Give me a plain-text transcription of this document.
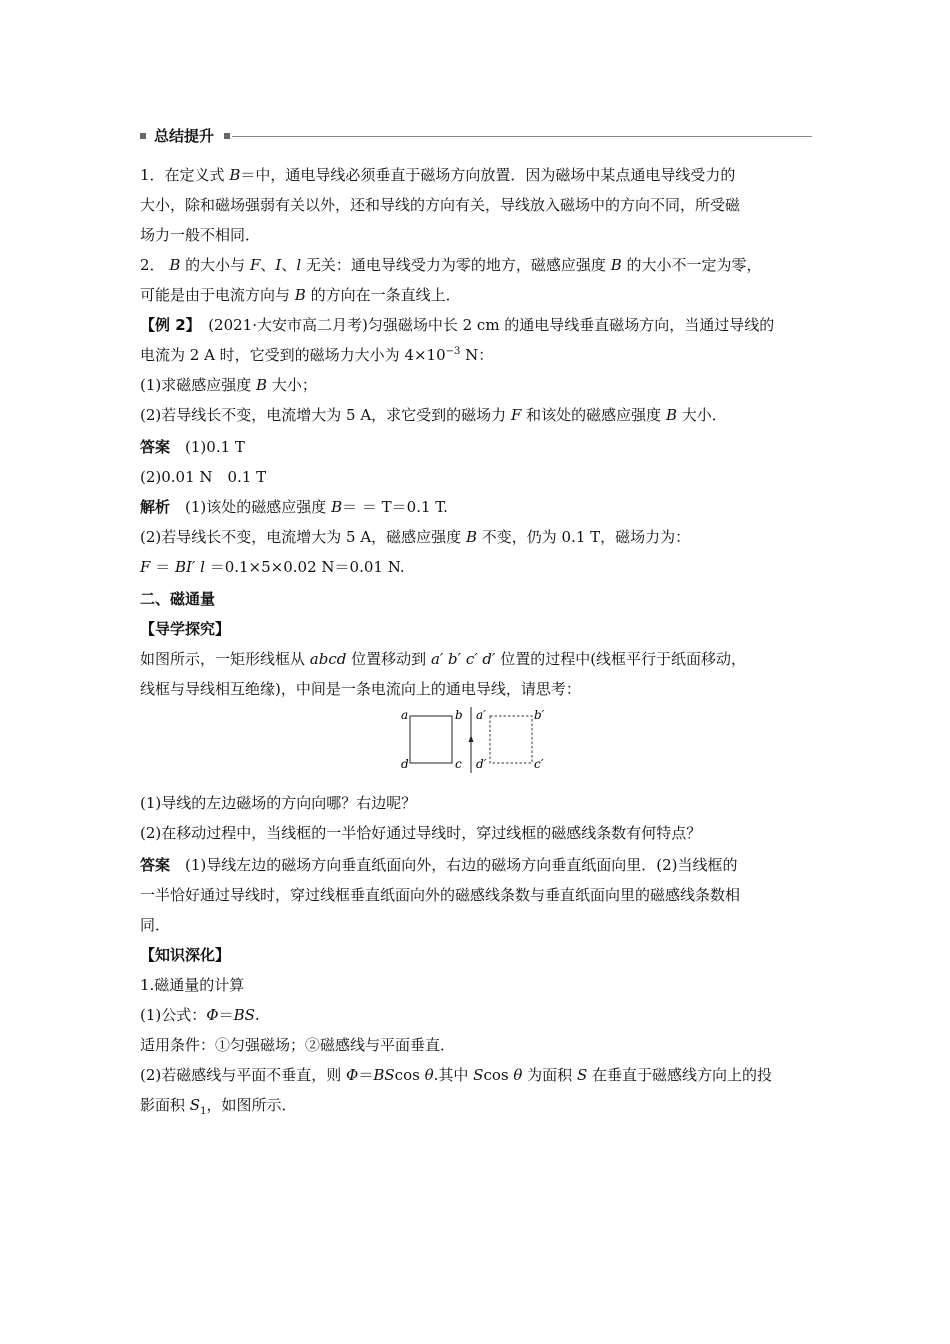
总结提升
1．在定义式 B＝中，通电导线必须垂直于磁场方向放置．因为磁场中某点通电导线受力的
大小，除和磁场强弱有关以外，还和导线的方向有关，导线放入磁场中的方向不同，所受磁
场力一般不相同．
2． B 的大小与 F、I、l 无关：通电导线受力为零的地方，磁感应强度 B 的大小不一定为零，
可能是由于电流方向与 B 的方向在一条直线上．
【例 2】　 (2021·大安市高二月考)匀强磁场中长 2 cm 的通电导线垂直磁场方向，当通过导线的
电流为 2 A 时，它受到的磁场力大小为 $4\times 10^{-3}$ N：
(1)求磁感应强度 B 大小；
(2)若导线长不变，电流增大为 5 A，求它受到的磁场力 F 和该处的磁感应强度 B 大小．
答案　 (1)0.1 T
(2)0.01 N　0.1 T
解析　 (1)该处的磁感应强度 B＝ ＝ T＝0.1 T.
(2)若导线长不变，电流增大为 5 A，磁感应强度 B 不变，仍为 0.1 T，磁场力为：
F ＝ BI′ l ＝0.1×5×0.02 N＝0.01 N.
二、磁通量
【导学探究】
如图所示，一矩形线框从 abcd 位置移动到 a′ b′ c′ d′ 位置的过程中(线框平行于纸面移动，
线框与导线相互绝缘)，中间是一条电流向上的通电导线，请思考：
a	b
c
d
a′	b′
c′
d′
(1)导线的左边磁场的方向向哪？右边呢？
(2)在移动过程中，当线框的一半恰好通过导线时，穿过线框的磁感线条数有何特点？
答案　 (1)导线左边的磁场方向垂直纸面向外，右边的磁场方向垂直纸面向里．(2)当线框的
一半恰好通过导线时，穿过线框垂直纸面向外的磁感线条数与垂直纸面向里的磁感线条数相
同．
【知识深化】
1.磁通量的计算
(1)公式：Φ＝BS.
适用条件：①匀强磁场；②磁感线与平面垂直．
(2)若磁感线与平面不垂直，则 Φ＝BScos θ.其中 Scos θ 为面积 S 在垂直于磁感线方向上的投
影面积 $S_1$，如图所示．
